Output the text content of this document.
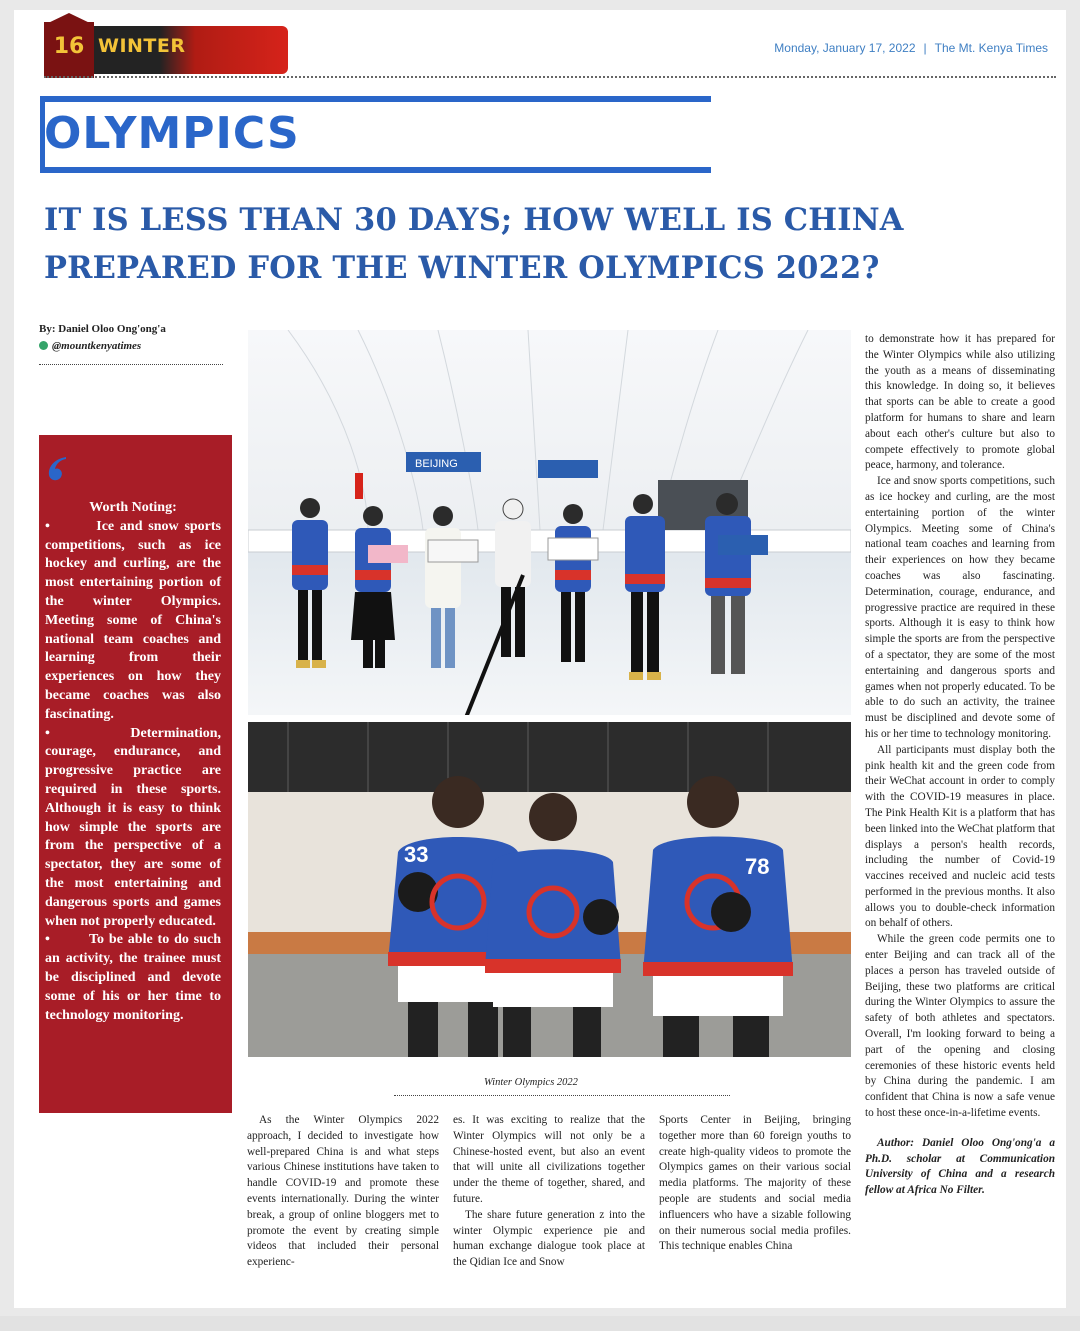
16 WINTER	Monday, January 17, 2022 | The Mt. Kenya Times
OLYMPICS
IT IS LESS THAN 30 DAYS; HOW WELL IS CHINA PREPARED FOR THE WINTER OLYMPICS 2022?
By: Daniel Oloo Ong'ong'a
@mountkenyatimes
Worth Noting:
•        Ice and snow sports competitions, such as ice hockey and curling, are the most entertaining portion of the winter Olympics. Meeting some of China's national team coaches and learning from their experiences on how they became coaches was also fascinating.
•        Determination, courage, endurance, and progressive practice are required in these sports. Although it is easy to think how simple the sports are from the perspective of a spectator, they are some of the most entertaining and dangerous sports and games when not properly educated.
•        To be able to do such an activity, the trainee must be disciplined and devote some of his or her time to technology monitoring.
BEIJING
33	78
Winter Olympics 2022

As the Winter Olympics 2022 approach, I decided to investigate how well-prepared China is and what steps various Chinese institutions have taken to handle COVID-19 and promote these events internationally. During the winter break, a group of online bloggers met to promote the event by creating simple videos that included their personal experienc-

es. It was exciting to realize that the Winter Olympics will not only be a Chinese-hosted event, but also an event that will unite all civilizations together under the theme of together, shared, and future.

The share future generation z into the winter Olympic experience pie and human exchange dialogue took place at the Qidian Ice and Snow

Sports Center in Beijing, bringing together more than 60 foreign youths to create high-quality videos to promote the Olympics games on their various social media platforms. The majority of these people are students and social media influencers who have a sizable following on their numerous social media profiles. This technique enables China

to demonstrate how it has prepared for the Winter Olympics while also utilizing the youth as a means of disseminating this knowledge. In doing so, it believes that sports can be able to create a good platform for humans to share and learn about each other's culture but also to compete effectively to promote global peace, harmony, and tolerance.

Ice and snow sports competitions, such as ice hockey and curling, are the most entertaining portion of the winter Olympics. Meeting some of China's national team coaches and learning from their experiences on how they became coaches was also fascinating. Determination, courage, endurance, and progressive practice are required in these sports. Although it is easy to think how simple the sports are from the perspective of a spectator, they are some of the most entertaining and dangerous sports and games when not properly educated. To be able to do such an activity, the trainee must be disciplined and devote some of his or her time to technology monitoring.

All participants must display both the pink health kit and the green code from their WeChat account in order to comply with the COVID-19 measures in place. The Pink Health Kit is a platform that has been linked into the WeChat platform that displays a person's health records, including the number of Covid-19 vaccines received and nucleic acid tests performed in the previous months. It also allows you to double-check information on behalf of others.

While the green code permits one to enter Beijing and can track all of the places a person has traveled outside of Beijing, these two platforms are critical during the Winter Olympics to assure the safety of both athletes and spectators. Overall, I'm looking forward to being a part of the opening and closing ceremonies of these historic events held by China during the pandemic. I am confident that China is now a safe venue to host these once-in-a-lifetime events.

Author: Daniel Oloo Ong'ong'a a Ph.D. scholar at Communication University of China and a research fellow at Africa No Filter.
